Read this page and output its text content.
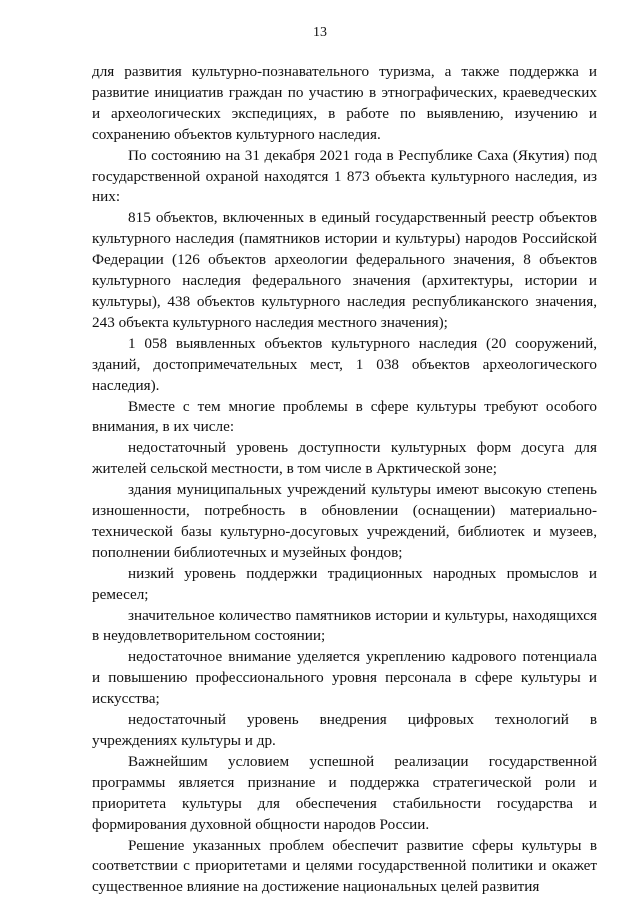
13

для развития культурно-познавательного туризма, а также поддержка и развитие инициатив граждан по участию в этнографических, краеведческих и археологических экспедициях, в работе по выявлению, изучению и сохранению объектов культурного наследия.

По состоянию на 31 декабря 2021 года в Республике Саха (Якутия) под государственной охраной находятся 1 873 объекта культурного наследия, из них:

815 объектов, включенных в единый государственный реестр объектов культурного наследия (памятников истории и культуры) народов Российской Федерации (126 объектов археологии федерального значения, 8 объектов культурного наследия федерального значения (архитектуры, истории и культуры), 438 объектов культурного наследия республиканского значения, 243 объекта культурного наследия местного значения);

1 058 выявленных объектов культурного наследия (20 сооружений, зданий, достопримечательных мест, 1 038 объектов археологического наследия).

Вместе с тем многие проблемы в сфере культуры требуют особого внимания, в их числе:

недостаточный уровень доступности культурных форм досуга для жителей сельской местности, в том числе в Арктической зоне;

здания муниципальных учреждений культуры имеют высокую степень изношенности, потребность в обновлении (оснащении) материально-технической базы культурно-досуговых учреждений, библиотек и музеев, пополнении библиотечных и музейных фондов;

низкий уровень поддержки традиционных народных промыслов и ремесел;

значительное количество памятников истории и культуры, находящихся в неудовлетворительном состоянии;

недостаточное внимание уделяется укреплению кадрового потенциала и повышению профессионального уровня персонала в сфере культуры и искусства;

недостаточный уровень внедрения цифровых технологий в учреждениях культуры и др.

Важнейшим условием успешной реализации государственной программы является признание и поддержка стратегической роли и приоритета культуры для обеспечения стабильности государства и формирования духовной общности народов России.

Решение указанных проблем обеспечит развитие сферы культуры в соответствии с приоритетами и целями государственной политики и окажет существенное влияние на достижение национальных целей развития
